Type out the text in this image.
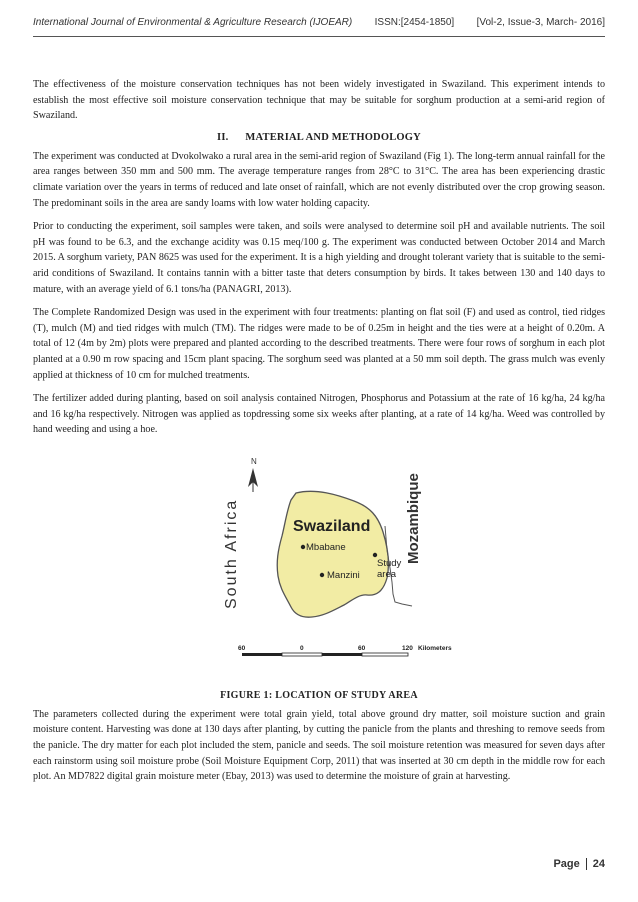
International Journal of Environmental & Agriculture Research (IJOEAR) ISSN:[2454-1850] [Vol-2, Issue-3, March- 2016]

The effectiveness of the moisture conservation techniques has not been widely investigated in Swaziland. This experiment intends to establish the most effective soil moisture conservation technique that may be suitable for sorghum production at a semi-arid region of Swaziland.

II.      MATERIAL AND METHODOLOGY

The experiment was conducted at Dvokolwako a rural area in the semi-arid region of Swaziland (Fig 1). The long-term annual rainfall for the area ranges between 350 mm and 500 mm. The average temperature ranges from 28°C to 31°C. The area has been experiencing drastic climate variation over the years in terms of reduced and late onset of rainfall, which are not evenly distributed over the crop growing season. The predominant soils in the area are sandy loams with low water holding capacity.

Prior to conducting the experiment, soil samples were taken, and soils were analysed to determine soil pH and available nutrients. The soil pH was found to be 6.3, and the exchange acidity was 0.15 meq/100 g. The experiment was conducted between October 2014 and March 2015. A sorghum variety, PAN 8625 was used for the experiment. It is a high yielding and drought tolerant variety that is suitable to the semi-arid conditions of Swaziland. It contains tannin with a bitter taste that deters consumption by birds. It takes between 130 and 140 days to mature, with an average yield of 6.1 tons/ha (PANAGRI, 2013).

The Complete Randomized Design was used in the experiment with four treatments: planting on flat soil (F) and used as control, tied ridges (T), mulch (M) and tied ridges with mulch (TM). The ridges were made to be of 0.25m in height and the ties were at a height of 0.20m. A total of 12 (4m by 2m) plots were prepared and planted according to the described treatments. There were four rows of sorghum in each plot planted at a 0.90 m row spacing and 15cm plant spacing. The sorghum seed was planted at a 50 mm soil depth. The grass mulch was evenly applied at thickness of 10 cm for mulched treatments.

The fertilizer added during planting, based on soil analysis contained Nitrogen, Phosphorus and Potassium at the rate of 16 kg/ha, 24 kg/ha and 16 kg/ha respectively. Nitrogen was applied as topdressing some six weeks after planting, at a rate of 14 kg/ha. Weed was controlled by hand weeding and using a hoe.

N
South Africa	Mozambique
Swaziland
Mbabane
Manzini
Study
area
60	0	60	120 Kilometers
FIGURE 1: LOCATION OF STUDY AREA

The parameters collected during the experiment were total grain yield, total above ground dry matter, soil moisture suction and grain moisture content. Harvesting was done at 130 days after planting, by cutting the panicle from the plants and threshing to remove seeds from the panicle. The dry matter for each plot included the stem, panicle and seeds. The soil moisture retention was measured for seven days after each rainstorm using soil moisture probe (Soil Moisture Equipment Corp, 2011) that was inserted at 30 cm depth in the middle row for each plot. An MD7822 digital grain moisture meter (Ebay, 2013) was used to determine the moisture of grain at harvesting.

Page 24
